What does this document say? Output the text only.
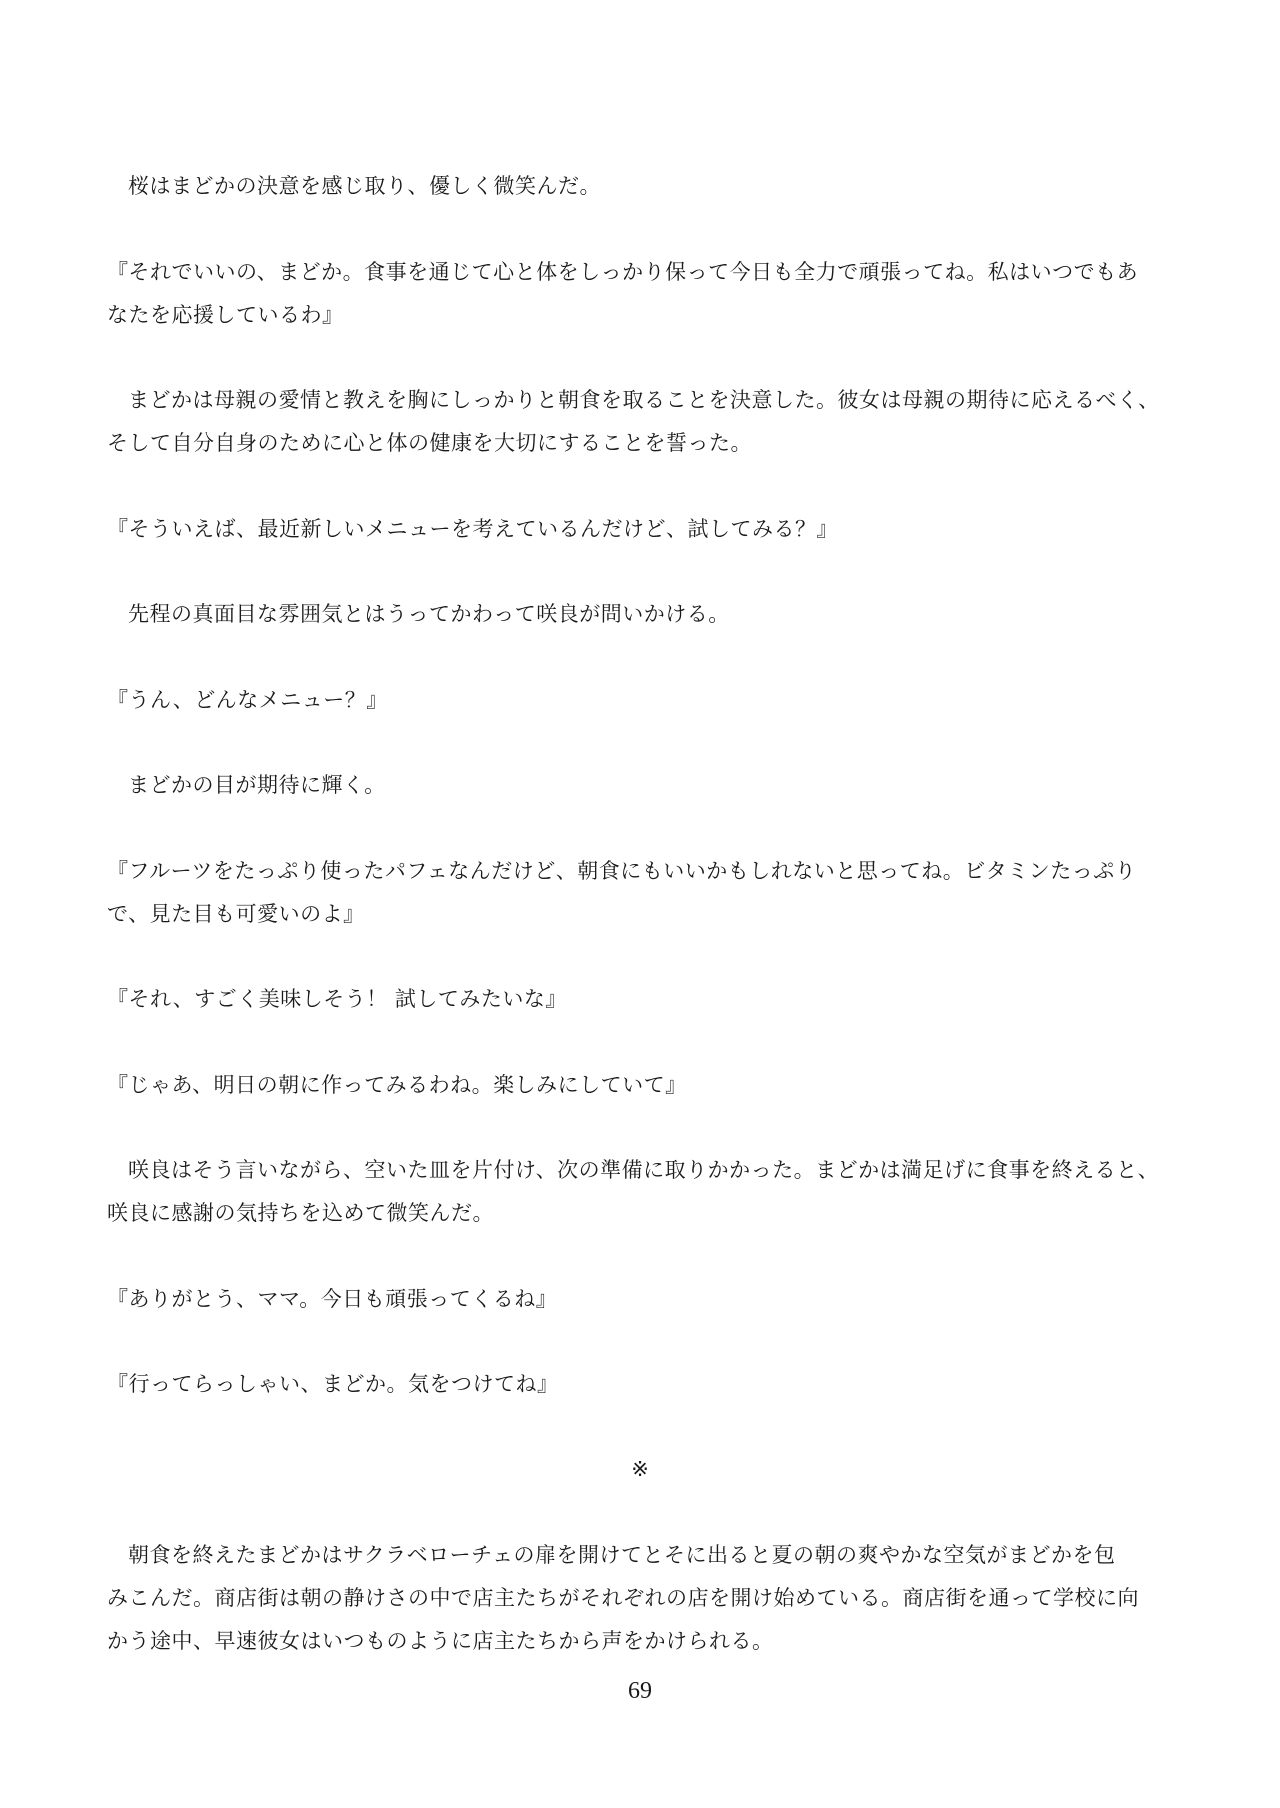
桜はまどかの決意を感じ取り、優しく微笑んだ。
『それでいいの、まどか。食事を通じて心と体をしっかり保って今日も全力で頑張ってね。私はいつでもあ
なたを応援しているわ』
まどかは母親の愛情と教えを胸にしっかりと朝食を取ることを決意した。彼女は母親の期待に応えるべく、
そして自分自身のために心と体の健康を大切にすることを誓った。
『そういえば、最近新しいメニューを考えているんだけど、試してみる？』
先程の真面目な雰囲気とはうってかわって咲良が問いかける。
『うん、どんなメニュー？』
まどかの目が期待に輝く。
『フルーツをたっぷり使ったパフェなんだけど、朝食にもいいかもしれないと思ってね。ビタミンたっぷり
で、見た目も可愛いのよ』
『それ、すごく美味しそう！ 試してみたいな』
『じゃあ、明日の朝に作ってみるわね。楽しみにしていて』
咲良はそう言いながら、空いた皿を片付け、次の準備に取りかかった。まどかは満足げに食事を終えると、
咲良に感謝の気持ちを込めて微笑んだ。
『ありがとう、ママ。今日も頑張ってくるね』
『行ってらっしゃい、まどか。気をつけてね』
※
朝食を終えたまどかはサクラベローチェの扉を開けてとそに出ると夏の朝の爽やかな空気がまどかを包
みこんだ。商店街は朝の静けさの中で店主たちがそれぞれの店を開け始めている。商店街を通って学校に向
かう途中、早速彼女はいつものように店主たちから声をかけられる。
69
